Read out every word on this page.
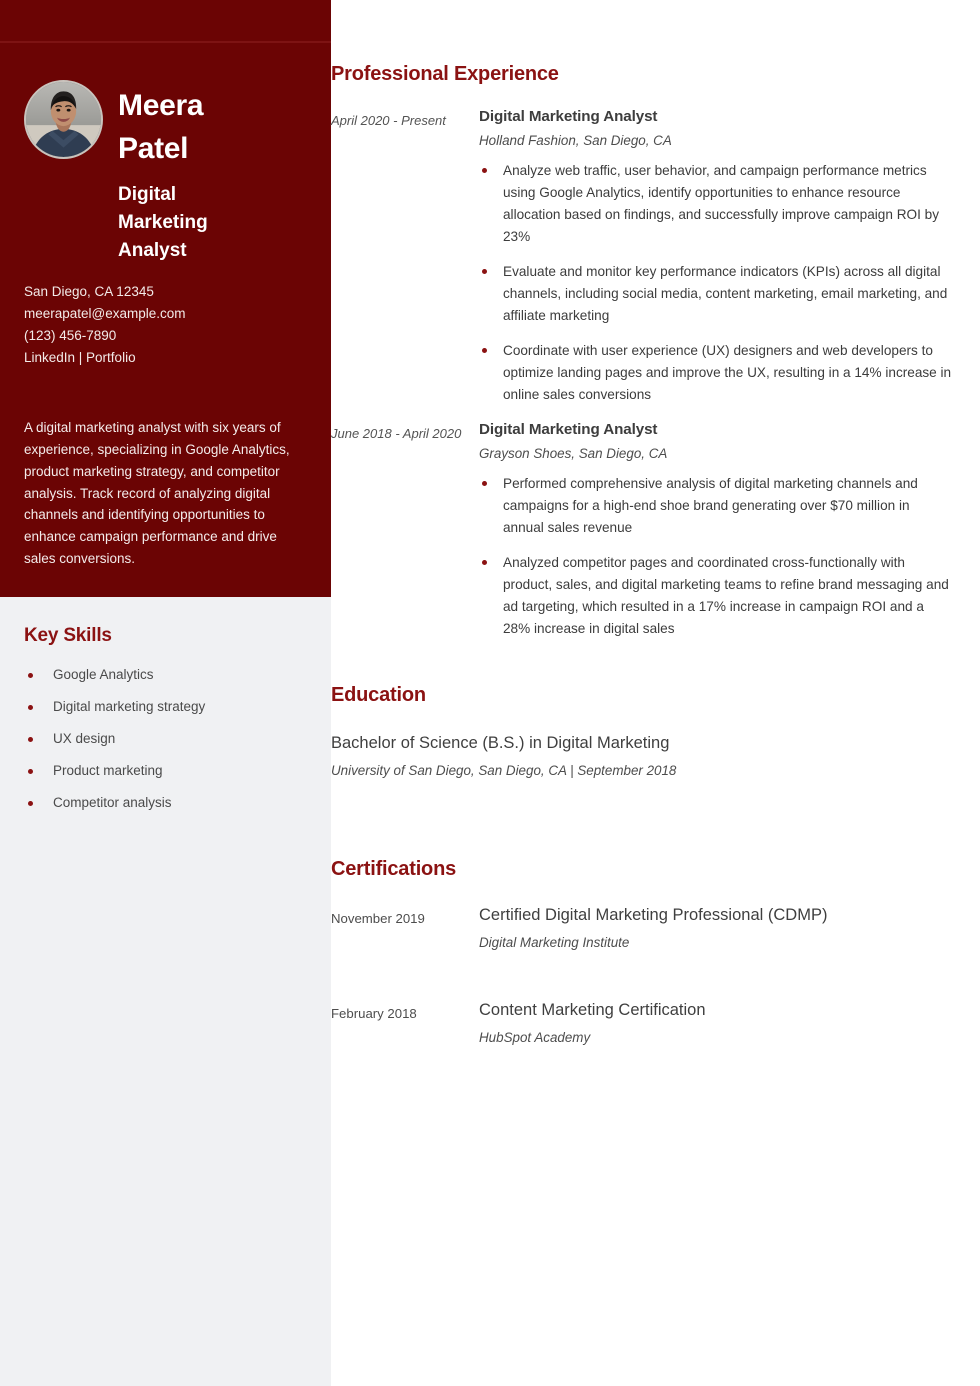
Meera
Patel
Digital Marketing Analyst
San Diego, CA 12345
meerapatel@example.com
(123) 456-7890
LinkedIn | Portfolio
A digital marketing analyst with six years of experience, specializing in Google Analytics, product marketing strategy, and competitor analysis. Track record of analyzing digital channels and identifying opportunities to enhance campaign performance and drive sales conversions.
Key Skills
Google Analytics
Digital marketing strategy
UX design
Product marketing
Competitor analysis
Professional Experience
April 2020 - Present	Digital Marketing Analyst
Holland Fashion, San Diego, CA
Analyze web traffic, user behavior, and campaign performance metrics using Google Analytics, identify opportunities to enhance resource allocation based on findings, and successfully improve campaign ROI by 23%
Evaluate and monitor key performance indicators (KPIs) across all digital channels, including social media, content marketing, email marketing, and affiliate marketing
Coordinate with user experience (UX) designers and web developers to optimize landing pages and improve the UX, resulting in a 14% increase in online sales conversions
June 2018 - April 2020	Digital Marketing Analyst
Grayson Shoes, San Diego, CA
Performed comprehensive analysis of digital marketing channels and campaigns for a high-end shoe brand generating over $70 million in annual sales revenue
Analyzed competitor pages and coordinated cross-functionally with product, sales, and digital marketing teams to refine brand messaging and ad targeting, which resulted in a 17% increase in campaign ROI and a 28% increase in digital sales
Education
Bachelor of Science (B.S.) in Digital Marketing
University of San Diego, San Diego, CA | September 2018
Certifications
November 2019	Certified Digital Marketing Professional (CDMP)
Digital Marketing Institute
February 2018	Content Marketing Certification
HubSpot Academy
